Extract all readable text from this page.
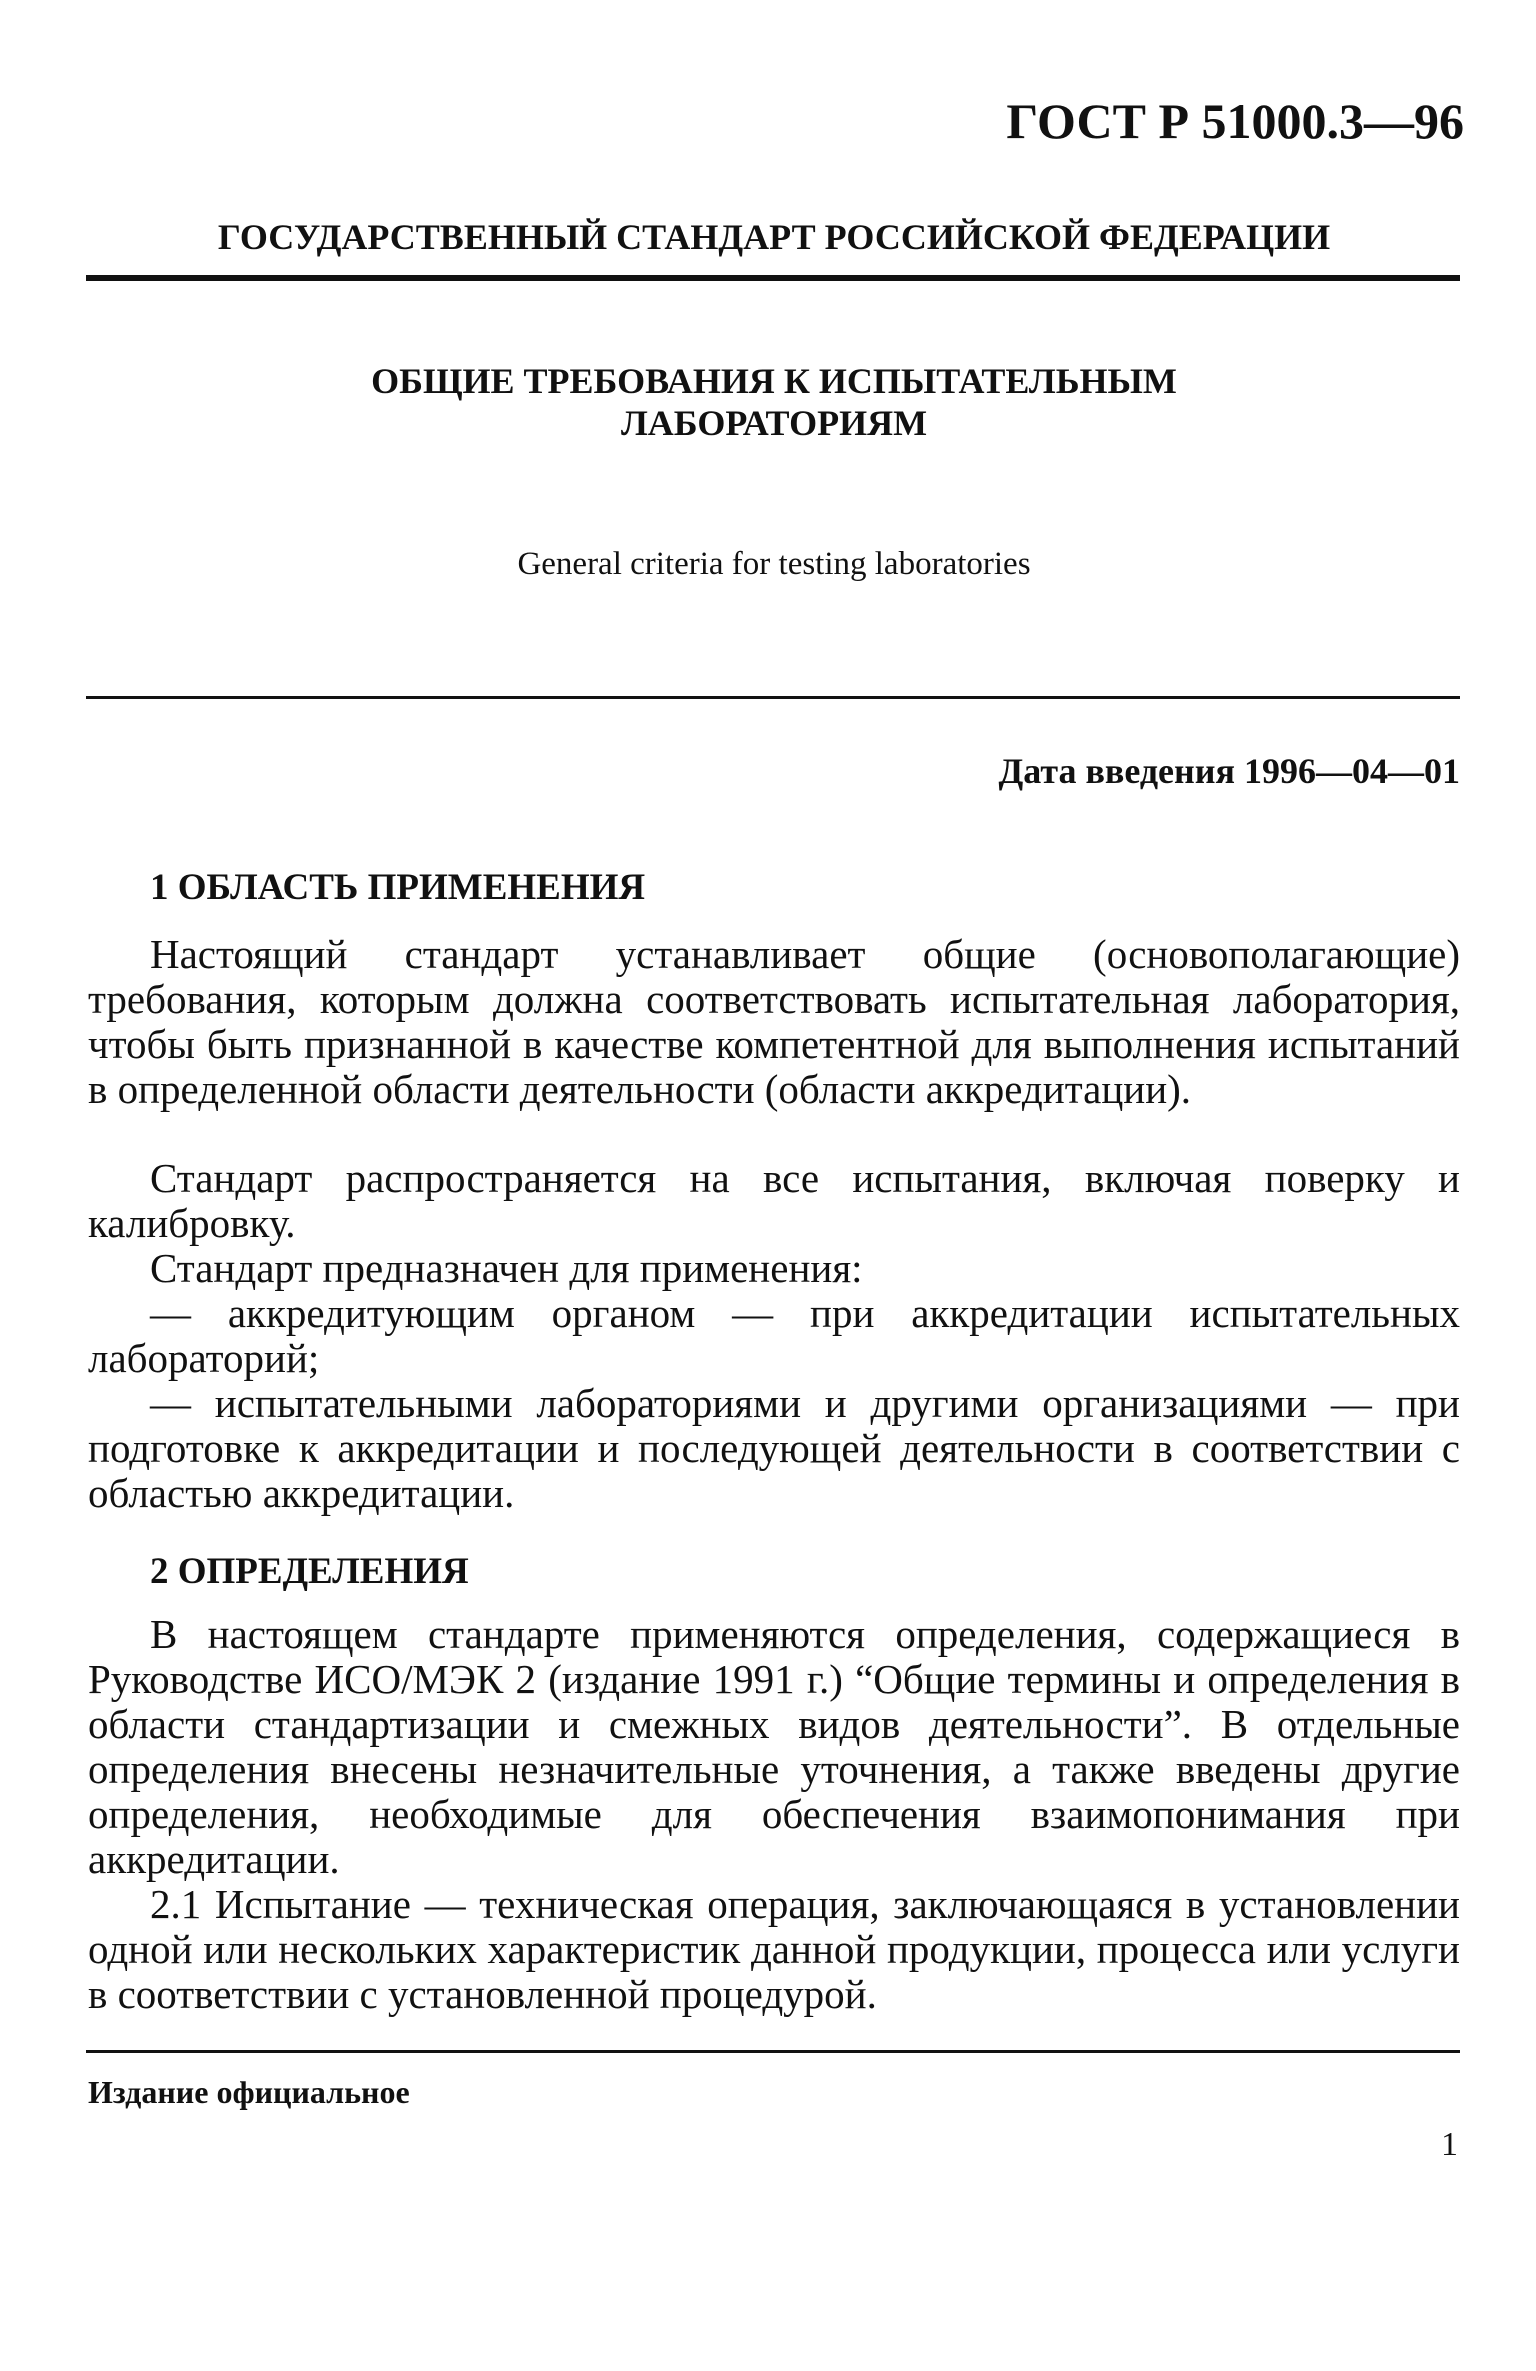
ГОСТ Р 51000.3—96
ГОСУДАРСТВЕННЫЙ СТАНДАРТ РОССИЙСКОЙ ФЕДЕРАЦИИ
ОБЩИЕ ТРЕБОВАНИЯ К ИСПЫТАТЕЛЬНЫМ
ЛАБОРАТОРИЯМ
General criteria for testing laboratories
Дата введения 1996—04—01
1 ОБЛАСТЬ ПРИМЕНЕНИЯ

Настоящий стандарт устанавливает общие (основополагающие) требования, которым должна соответствовать испытательная лаборатория, чтобы быть признанной в качестве компетентной для выполнения испытаний в определенной области деятельности (области аккредитации).

Стандарт распространяется на все испытания, включая поверку и калибровку.

Стандарт предназначен для применения:

— аккредитующим органом — при аккредитации испытательных лабораторий;

— испытательными лабораториями и другими организациями — при подготовке к аккредитации и последующей деятельности в соответствии с областью аккредитации.

2 ОПРЕДЕЛЕНИЯ

В настоящем стандарте применяются определения, содержащиеся в Руководстве ИСО/МЭК 2 (издание 1991 г.) “Общие термины и определения в области стандартизации и смежных видов деятельности”. В отдельные определения внесены незначительные уточнения, а также введены другие определения, необходимые для обеспечения взаимопонимания при аккредитации.

2.1 Испытание — техническая операция, заключающаяся в установлении одной или нескольких характеристик данной продукции, процесса или услуги в соответствии с установленной процедурой.

Издание официальное
1
